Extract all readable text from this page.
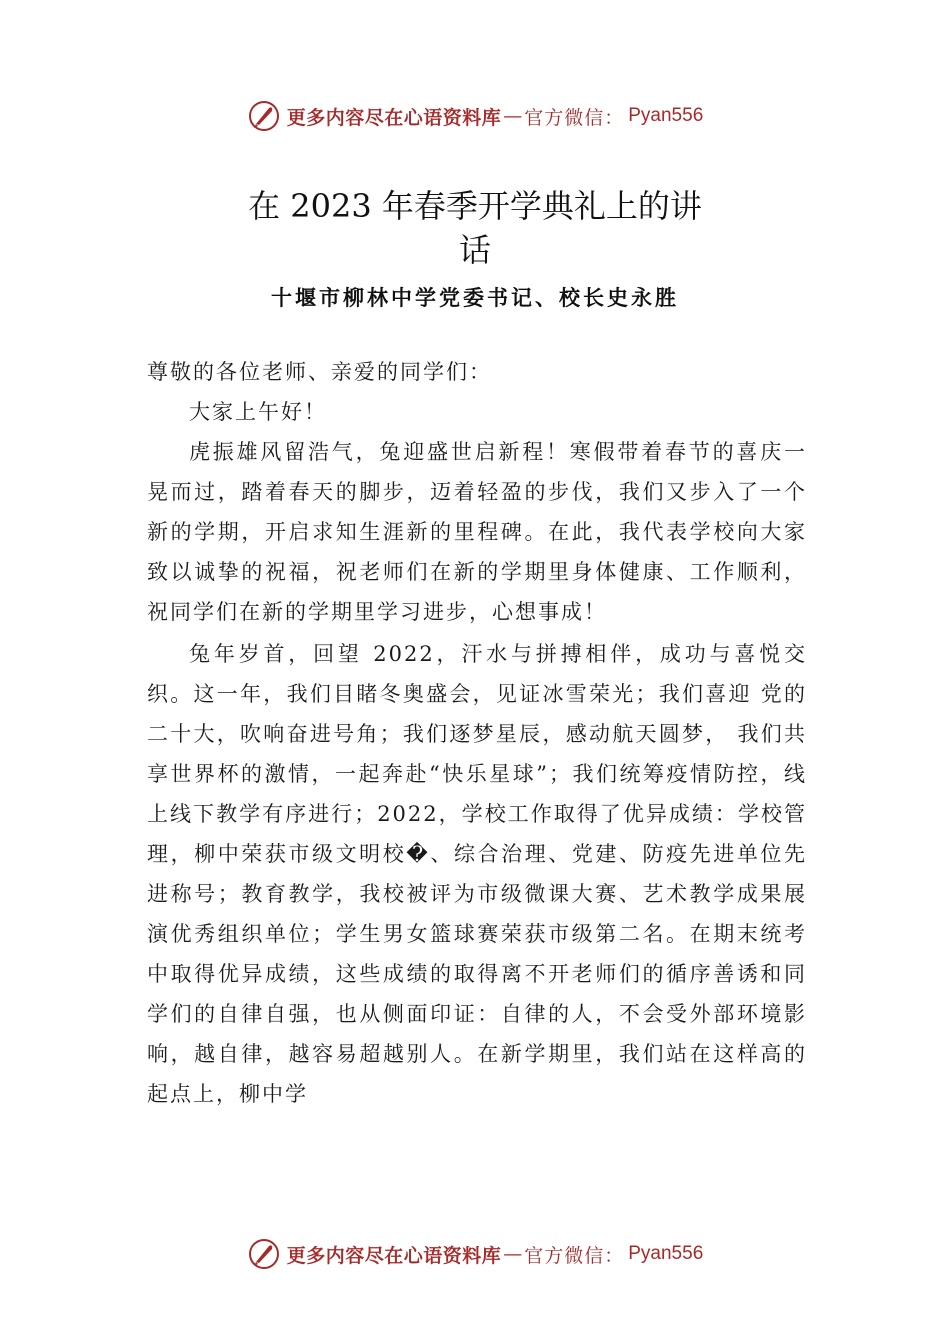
更多内容尽在心语资料库 — 官方微信： Pyan556
在 2023 年春季开学典礼上的讲
话
十堰市柳林中学党委书记、校长史永胜

尊敬的各位老师、亲爱的同学们：

大家上午好！

虎振雄风留浩气，兔迎盛世启新程！寒假带着春节的喜庆一晃而过，踏着春天的脚步，迈着轻盈的步伐，我们又步入了一个新的学期，开启求知生涯新的里程碑。在此，我代表学校向大家致以诚挚的祝福，祝老师们在新的学期里身体健康、工作顺利，祝同学们在新的学期里学习进步，心想事成！

兔年岁首，回望 2022，汗水与拼搏相伴，成功与喜悦交织。这一年，我们目睹冬奥盛会，见证冰雪荣光；我们喜迎 党的二十大，吹响奋进号角；我们逐梦星辰，感动航天圆梦， 我们共享世界杯的激情，一起奔赴“快乐星球”；我们统筹疫情防控，线上线下教学有序进行；2022，学校工作取得了优异成绩：学校管理，柳中荣获市级文明校�、综合治理、党建、防疫先进单位先进称号；教育教学，我校被评为市级微课大赛、艺术教学成果展演优秀组织单位；学生男女篮球赛荣获市级第二名。在期末统考中取得优异成绩，这些成绩的取得离不开老师们的循序善诱和同学们的自律自强，也从侧面印证：自律的人，不会受外部环境影响，越自律，越容易超越别人。在新学期里，我们站在这样高的起点上，柳中学

更多内容尽在心语资料库 — 官方微信： Pyan556
